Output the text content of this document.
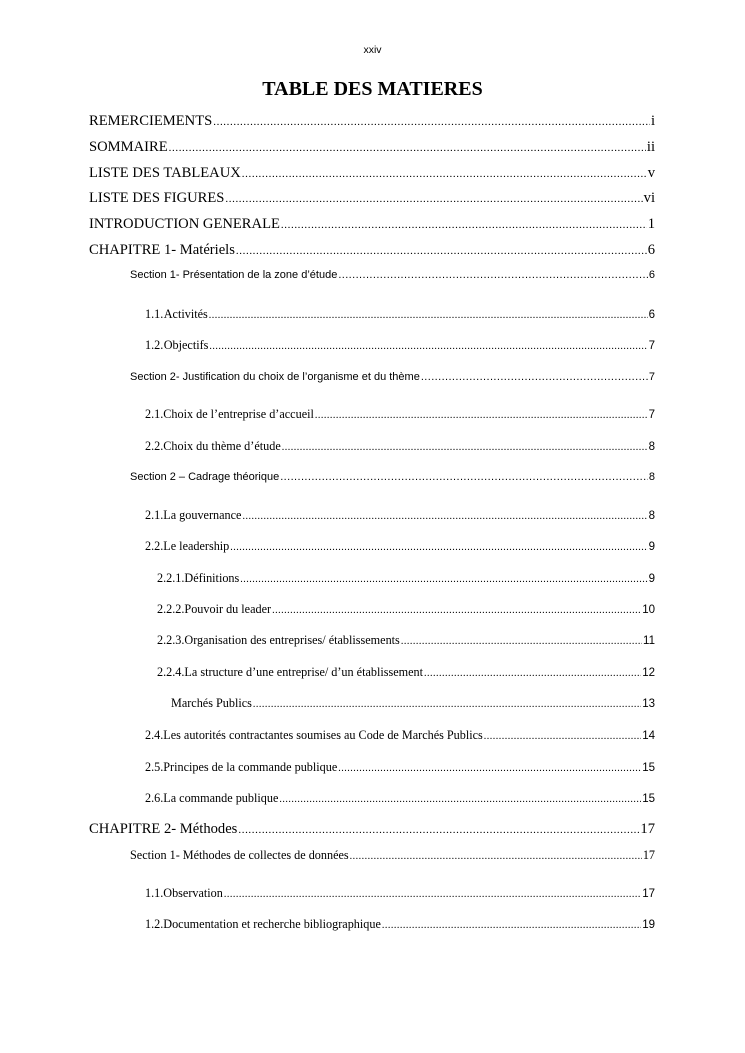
xxiv
TABLE DES MATIERES
REMERCIEMENTS .....	i
SOMMAIRE .....	ii
LISTE DES TABLEAUX .....	v
LISTE DES FIGURES .....	vi
INTRODUCTION GENERALE .....	1
CHAPITRE 1- Matériels .....	6
Section 1- Présentation de la zone d’étude .....	6
1.1. Activités .....	6
1.2. Objectifs .....	7
Section 2- Justification du choix de l’organisme et du thème .....	7
2.1. Choix de l’entreprise d’accueil .....	7
2.2. Choix du thème d’étude .....	8
Section 2 – Cadrage théorique .....	8
2.1. La gouvernance .....	8
2.2. Le leadership .....	9
2.2.1. Définitions .....	9
2.2.2. Pouvoir du leader .....	10
2.2.3. Organisation des entreprises/ établissements .....	11
2.2.4. La structure d’une entreprise/ d’un établissement .....	12
Marchés Publics .....	13
2.4. Les autorités contractantes soumises au Code de Marchés Publics .....	14
2.5. Principes de la commande publique .....	15
2.6. La commande publique .....	15
CHAPITRE 2- Méthodes .....	17
Section 1- Méthodes de collectes de données .....	17
1.1. Observation .....	17
1.2. Documentation et recherche bibliographique .....	19
